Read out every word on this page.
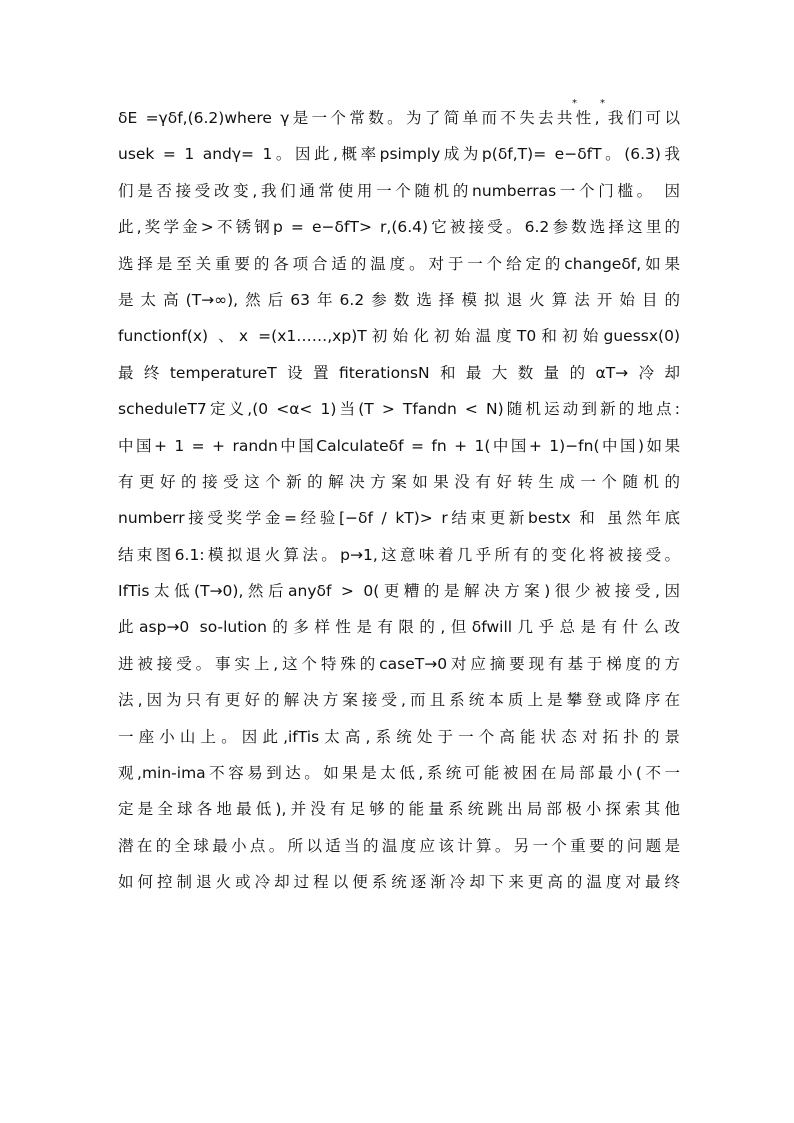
* *
δE =γδf,(6.2)where γ是一个常数。为了简单而不失去共性, 我们可以
usek = 1 andγ= 1。因此,概率psimply成为p(δf,T)= e−δfT。(6.3)我
们是否接受改变,我们通常使用一个随机的numberras一个门槛。 因
此,奖学金>不锈钢p = e−δfT> r,(6.4)它被接受。6.2参数选择这里的
选择是至关重要的各项合适的温度。对于一个给定的changeδf,如果
是太高(T→∞),然后63年6.2参数选择模拟退火算法开始目的
functionf(x) 、x =(x1……,xp)T初始化初始温度T0和初始guessx(0)
最终temperatureT设置fiterationsN和最大数量的αT→冷却
scheduleT7定义,(0 <α< 1)当(T > Tfandn < N)随机运动到新的地点:
中国+ 1 = + randn中国Calculateδf = fn + 1(中国+ 1)−fn(中国)如果
有更好的接受这个新的解决方案如果没有好转生成一个随机的
numberr接受奖学金=经验[−δf / kT)> r结束更新bestx 和 虽然年底
结束图6.1:模拟退火算法。p→1,这意味着几乎所有的变化将被接受。
IfTis太低(T→0),然后anyδf > 0(更糟的是解决方案)很少被接受,因
此asp→0 so-lution的多样性是有限的,但δfwill几乎总是有什么改
进被接受。事实上,这个特殊的caseT→0对应摘要现有基于梯度的方
法,因为只有更好的解决方案接受,而且系统本质上是攀登或降序在
一座小山上。因此,ifTis太高,系统处于一个高能状态对拓扑的景
观,min-ima不容易到达。如果是太低,系统可能被困在局部最小(不一
定是全球各地最低),并没有足够的能量系统跳出局部极小探索其他
潜在的全球最小点。所以适当的温度应该计算。另一个重要的问题是
如何控制退火或冷却过程以便系统逐渐冷却下来更高的温度对最终
